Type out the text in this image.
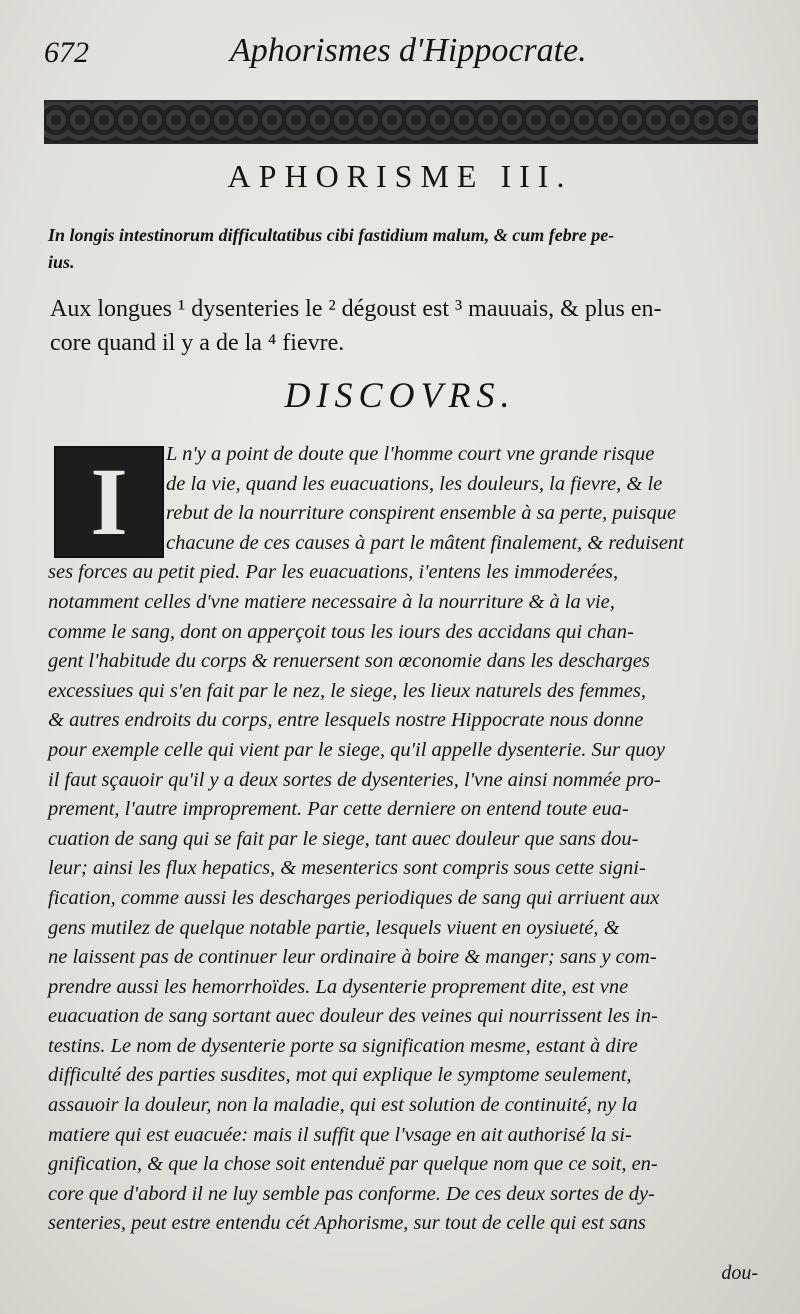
672	Aphorismes d'Hippocrate.
APHORISME III.
In longis intestinorum difficultatibus cibi fastidium malum, & cum febre pe-
ius.
Aux longues ¹ dysenteries le ² dégoust est ³ mauuais, & plus en-
core quand il y a de la ⁴ fievre.
DISCOVRS.
I	L n'y a point de doute que l'homme court vne grande risque
de la vie, quand les euacuations, les douleurs, la fievre, & le
rebut de la nourriture conspirent ensemble à sa perte, puisque
chacune de ces causes à part le mâtent finalement, & reduisent
ses forces au petit pied. Par les euacuations, i'entens les immoderées,
notamment celles d'vne matiere necessaire à la nourriture & à la vie,
comme le sang, dont on apperçoit tous les iours des accidans qui chan-
gent l'habitude du corps & renuersent son œconomie dans les descharges
excessiues qui s'en fait par le nez, le siege, les lieux naturels des femmes,
& autres endroits du corps, entre lesquels nostre Hippocrate nous donne
pour exemple celle qui vient par le siege, qu'il appelle dysenterie. Sur quoy
il faut sçauoir qu'il y a deux sortes de dysenteries, l'vne ainsi nommée pro-
prement, l'autre improprement. Par cette derniere on entend toute eua-
cuation de sang qui se fait par le siege, tant auec douleur que sans dou-
leur; ainsi les flux hepatics, & mesenterics sont compris sous cette signi-
fication, comme aussi les descharges periodiques de sang qui arriuent aux
gens mutilez de quelque notable partie, lesquels viuent en oysiueté, &
ne laissent pas de continuer leur ordinaire à boire & manger; sans y com-
prendre aussi les hemorrhoïdes. La dysenterie proprement dite, est vne
euacuation de sang sortant auec douleur des veines qui nourrissent les in-
testins. Le nom de dysenterie porte sa signification mesme, estant à dire
difficulté des parties susdites, mot qui explique le symptome seulement,
assauoir la douleur, non la maladie, qui est solution de continuité, ny la
matiere qui est euacuée: mais il suffit que l'vsage en ait authorisé la si-
gnification, & que la chose soit entenduë par quelque nom que ce soit, en-
core que d'abord il ne luy semble pas conforme. De ces deux sortes de dy-
senteries, peut estre entendu cét Aphorisme, sur tout de celle qui est sans
dou-
